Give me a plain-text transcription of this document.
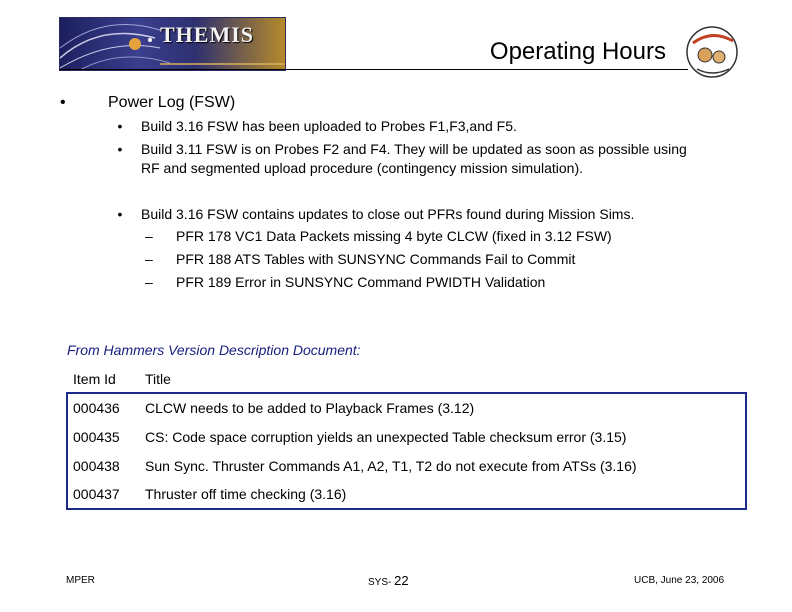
THEMIS
Operating Hours
•	Power Log (FSW)
• Build 3.16 FSW has been uploaded to Probes F1,F3,and F5.
• Build 3.11 FSW is on Probes F2 and F4. They will be updated as soon as possible using
RF and segmented upload procedure (contingency mission simulation).
• Build 3.16 FSW contains updates to close out PFRs found during Mission Sims.
– PFR 178 VC1 Data Packets missing 4 byte CLCW (fixed in 3.12 FSW)
– PFR 188 ATS Tables with SUNSYNC Commands Fail to Commit
– PFR 189 Error in SUNSYNC Command PWIDTH Validation
From Hammers Version Description Document:
Item Id Title
000436 CLCW needs to be added to Playback Frames (3.12)
000435 CS: Code space corruption yields an unexpected Table checksum error (3.15)
000438 Sun Sync. Thruster Commands A1, A2, T1, T2 do not execute from ATSs (3.16)
000437 Thruster off time checking (3.16)
MPER	SYS- 22	UCB, June 23, 2006
